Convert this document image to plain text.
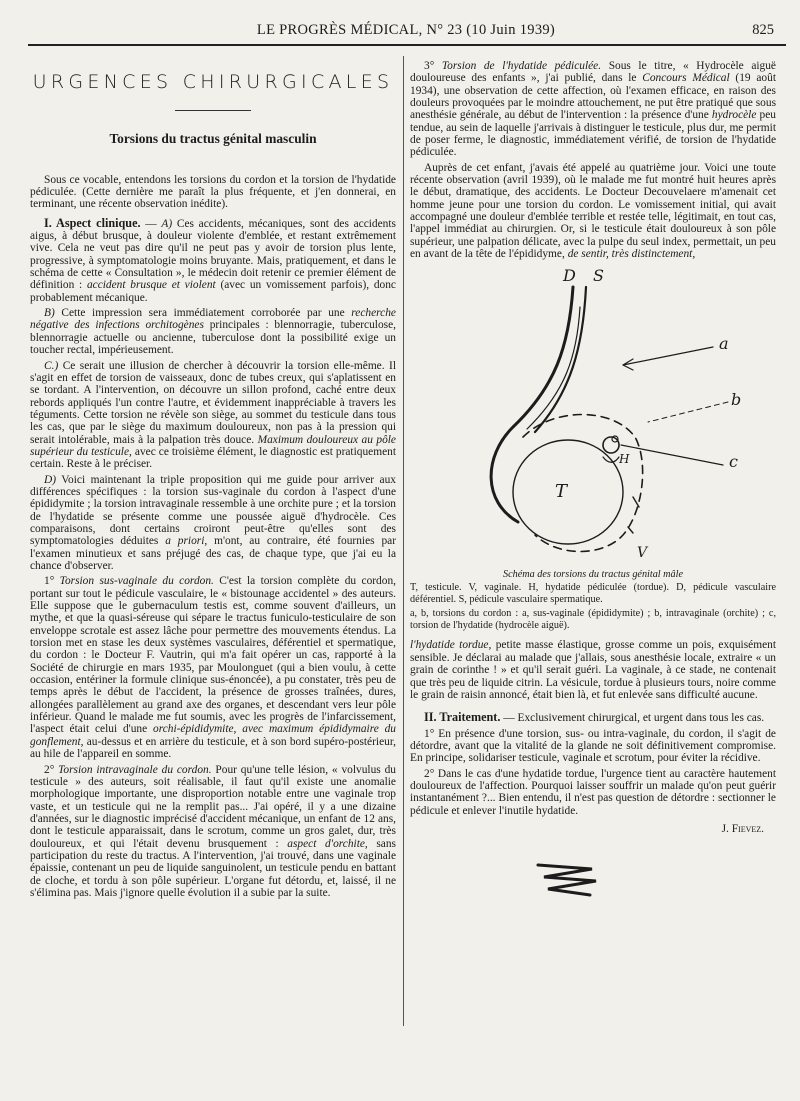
LE PROGRÈS MÉDICAL, N° 23 (10 Juin 1939)	825
URGENCES CHIRURGICALES
Torsions du tractus génital masculin

Sous ce vocable, entendons les torsions du cordon et la torsion de l'hydatide pédiculée. (Cette dernière me paraît la plus fréquente, et j'en donnerai, en terminant, une récente observation inédite).

I. Aspect clinique. — A) Ces accidents, mécaniques, sont des accidents aigus, à début brusque, à douleur violente d'emblée, et restant extrêmement vive. Cela ne veut pas dire qu'il ne peut pas y avoir de torsion plus lente, progressive, à symptomatologie moins bruyante. Mais, pratiquement, et dans le schéma de cette « Consultation », le médecin doit retenir ce premier élément de définition : accident brusque et violent (avec un vomissement parfois), donc probablement mécanique.

B) Cette impression sera immédiatement corroborée par une recherche négative des infections orchitogènes principales : blennorragie, tuberculose, blennorragie actuelle ou ancienne, tuberculose dont la possibilité exige un toucher rectal, impérieusement.

C.) Ce serait une illusion de chercher à découvrir la torsion elle-même. Il s'agit en effet de torsion de vaisseaux, donc de tubes creux, qui s'aplatissent en se tordant. A l'intervention, on découvre un sillon profond, caché entre deux rebords appliqués l'un contre l'autre, et évidemment inappréciable à travers les téguments. Cette torsion ne révèle son siège, au sommet du testicule dans tous les cas, que par le siège du maximum douloureux, non pas à la pression qui serait intolérable, mais à la palpation très douce. Maximum douloureux au pôle supérieur du testicule, avec ce troisième élément, le diagnostic est pratiquement certain. Reste à le préciser.

D) Voici maintenant la triple proposition qui me guide pour arriver aux différences spécifiques : la torsion sus-vaginale du cordon à l'aspect d'une épididymite ; la torsion intravaginale ressemble à une orchite pure ; et la torsion de l'hydatide se présente comme une poussée aiguë d'hydrocèle. Ces comparaisons, dont certains croiront peut-être qu'elles sont des symptomatologies déduites a priori, m'ont, au contraire, été fournies par l'examen minutieux et sans préjugé des cas, de chaque type, que j'ai eu la chance d'observer.

1° Torsion sus-vaginale du cordon. C'est la torsion complète du cordon, portant sur tout le pédicule vasculaire, le « bistounage accidentel » des auteurs. Elle suppose que le gubernaculum testis est, comme souvent d'ailleurs, un mythe, et que la quasi-séreuse qui sépare le tractus funiculo-testiculaire de son enveloppe scrotale est assez lâche pour permettre des mouvements étendus. La torsion met en stase les deux systèmes vasculaires, déférentiel et spermatique, du cordon : le Docteur F. Vautrin, qui m'a fait opérer un cas, rapporté à la Société de chirurgie en mars 1935, par Moulonguet (qui a bien voulu, à cette occasion, entériner la formule clinique sus-énoncée), a pu constater, très peu de temps après le début de l'accident, la présence de grosses traînées, dures, allongées parallèlement au grand axe des organes, et descendant vers leur pôle inférieur. Quand le malade me fut soumis, avec les progrès de l'infarcissement, l'aspect était celui d'une orchi-épididymite, avec maximum épididymaire du gonflement, au-dessus et en arrière du testicule, et à son bord supéro-postérieur, au hile de l'appareil en somme.

2° Torsion intravaginale du cordon. Pour qu'une telle lésion, « volvulus du testicule » des auteurs, soit réalisable, il faut qu'il existe une anomalie morphologique importante, une disproportion notable entre une vaginale trop vaste, et un testicule qui ne la remplit pas... J'ai opéré, il y a une dizaine d'années, sur le diagnostic imprécisé d'accident mécanique, un enfant de 12 ans, dont le testicule apparaissait, dans le scrotum, comme un gros galet, dur, très douloureux, et qui l'était devenu brusquement : aspect d'orchite, sans participation du reste du tractus. A l'intervention, j'ai trouvé, dans une vaginale épaissie, contenant un peu de liquide sanguinolent, un testicule pendu en battant de cloche, et tordu à son pôle supérieur. L'organe fut détordu, et, laissé, il ne s'élimina pas. Mais j'ignore quelle évolution il a subie par la suite.

3° Torsion de l'hydatide pédiculée. Sous le titre, « Hydrocèle aiguë douloureuse des enfants », j'ai publié, dans le Concours Médical (19 août 1934), une observation de cette affection, où l'examen efficace, en raison des douleurs provoquées par le moindre attouchement, ne put être pratiqué que sous anesthésie générale, au début de l'intervention : la présence d'une hydrocèle peu tendue, au sein de laquelle j'arrivais à distinguer le testicule, plus dur, me permit de poser ferme, le diagnostic, immédiatement vérifié, de torsion de l'hydatide pédiculée.

Auprès de cet enfant, j'avais été appelé au quatrième jour. Voici une toute récente observation (avril 1939), où le malade me fut montré huit heures après le début, dramatique, des accidents. Le Docteur Decouvelaere m'amenait cet homme jeune pour une torsion du cordon. Le vomissement initial, qui avait accompagné une douleur d'emblée terrible et restée telle, légitimait, en tout cas, l'appel immédiat au chirurgien. Or, si le testicule était douloureux à son pôle supérieur, une palpation délicate, avec la pulpe du seul index, permettait, un peu en avant de la tête de l'épididyme, de sentir, très distinctement,

D S
a
b
c
T
H
V
Schéma des torsions du tractus génital mâle

T, testicule. V, vaginale. H, hydatide pédiculée (tordue). D, pédicule vasculaire déférentiel. S, pédicule vasculaire spermatique.

a, b, torsions du cordon : a, sus-vaginale (épididymite) ; b, intravaginale (orchite) ; c, torsion de l'hydatide (hydrocèle aiguë).

l'hydatide tordue, petite masse élastique, grosse comme un pois, exquisément sensible. Je déclarai au malade que j'allais, sous anesthésie locale, extraire « un grain de corinthe ! » et qu'il serait guéri. La vaginale, à ce stade, ne contenait que très peu de liquide citrin. La vésicule, tordue à plusieurs tours, noire comme le grain de raisin annoncé, était bien là, et fut enlevée sans difficulté aucune.

II. Traitement. — Exclusivement chirurgical, et urgent dans tous les cas.

1° En présence d'une torsion, sus- ou intra-vaginale, du cordon, il s'agit de détordre, avant que la vitalité de la glande ne soit définitivement compromise. En principe, solidariser testicule, vaginale et scrotum, pour éviter la récidive.

2° Dans le cas d'une hydatide tordue, l'urgence tient au caractère hautement douloureux de l'affection. Pourquoi laisser souffrir un malade qu'on peut guérir instantanément ?... Bien entendu, il n'est pas question de détordre : sectionner le pédicule et enlever l'inutile hydatide.

J. Fievez.
